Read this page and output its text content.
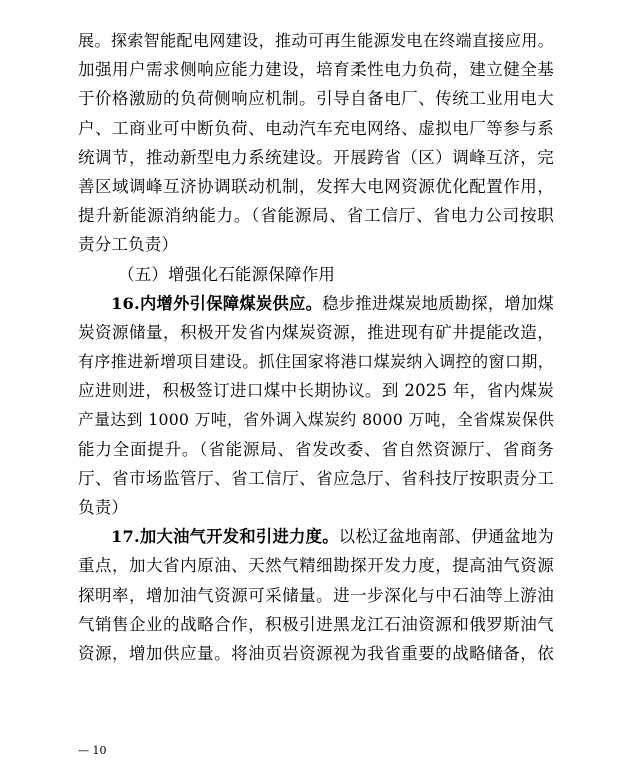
展。探索智能配电网建设，推动可再生能源发电在终端直接应用。
加强用户需求侧响应能力建设，培育柔性电力负荷，建立健全基
于价格激励的负荷侧响应机制。引导自备电厂、传统工业用电大
户、工商业可中断负荷、电动汽车充电网络、虚拟电厂等参与系
统调节，推动新型电力系统建设。开展跨省（区）调峰互济，完
善区域调峰互济协调联动机制，发挥大电网资源优化配置作用，
提升新能源消纳能力。（省能源局、省工信厅、省电力公司按职
责分工负责）
（五）增强化石能源保障作用
16.内增外引保障煤炭供应。稳步推进煤炭地质勘探，增加煤
炭资源储量，积极开发省内煤炭资源，推进现有矿井提能改造，
有序推进新增项目建设。抓住国家将港口煤炭纳入调控的窗口期，
应进则进，积极签订进口煤中长期协议。到 2025 年，省内煤炭
产量达到 1000 万吨，省外调入煤炭约 8000 万吨，全省煤炭保供
能力全面提升。（省能源局、省发改委、省自然资源厅、省商务
厅、省市场监管厅、省工信厅、省应急厅、省科技厅按职责分工
负责）
17.加大油气开发和引进力度。以松辽盆地南部、伊通盆地为
重点，加大省内原油、天然气精细勘探开发力度，提高油气资源
探明率，增加油气资源可采储量。进一步深化与中石油等上游油
气销售企业的战略合作，积极引进黑龙江石油资源和俄罗斯油气
资源，增加供应量。将油页岩资源视为我省重要的战略储备，依
— 10
